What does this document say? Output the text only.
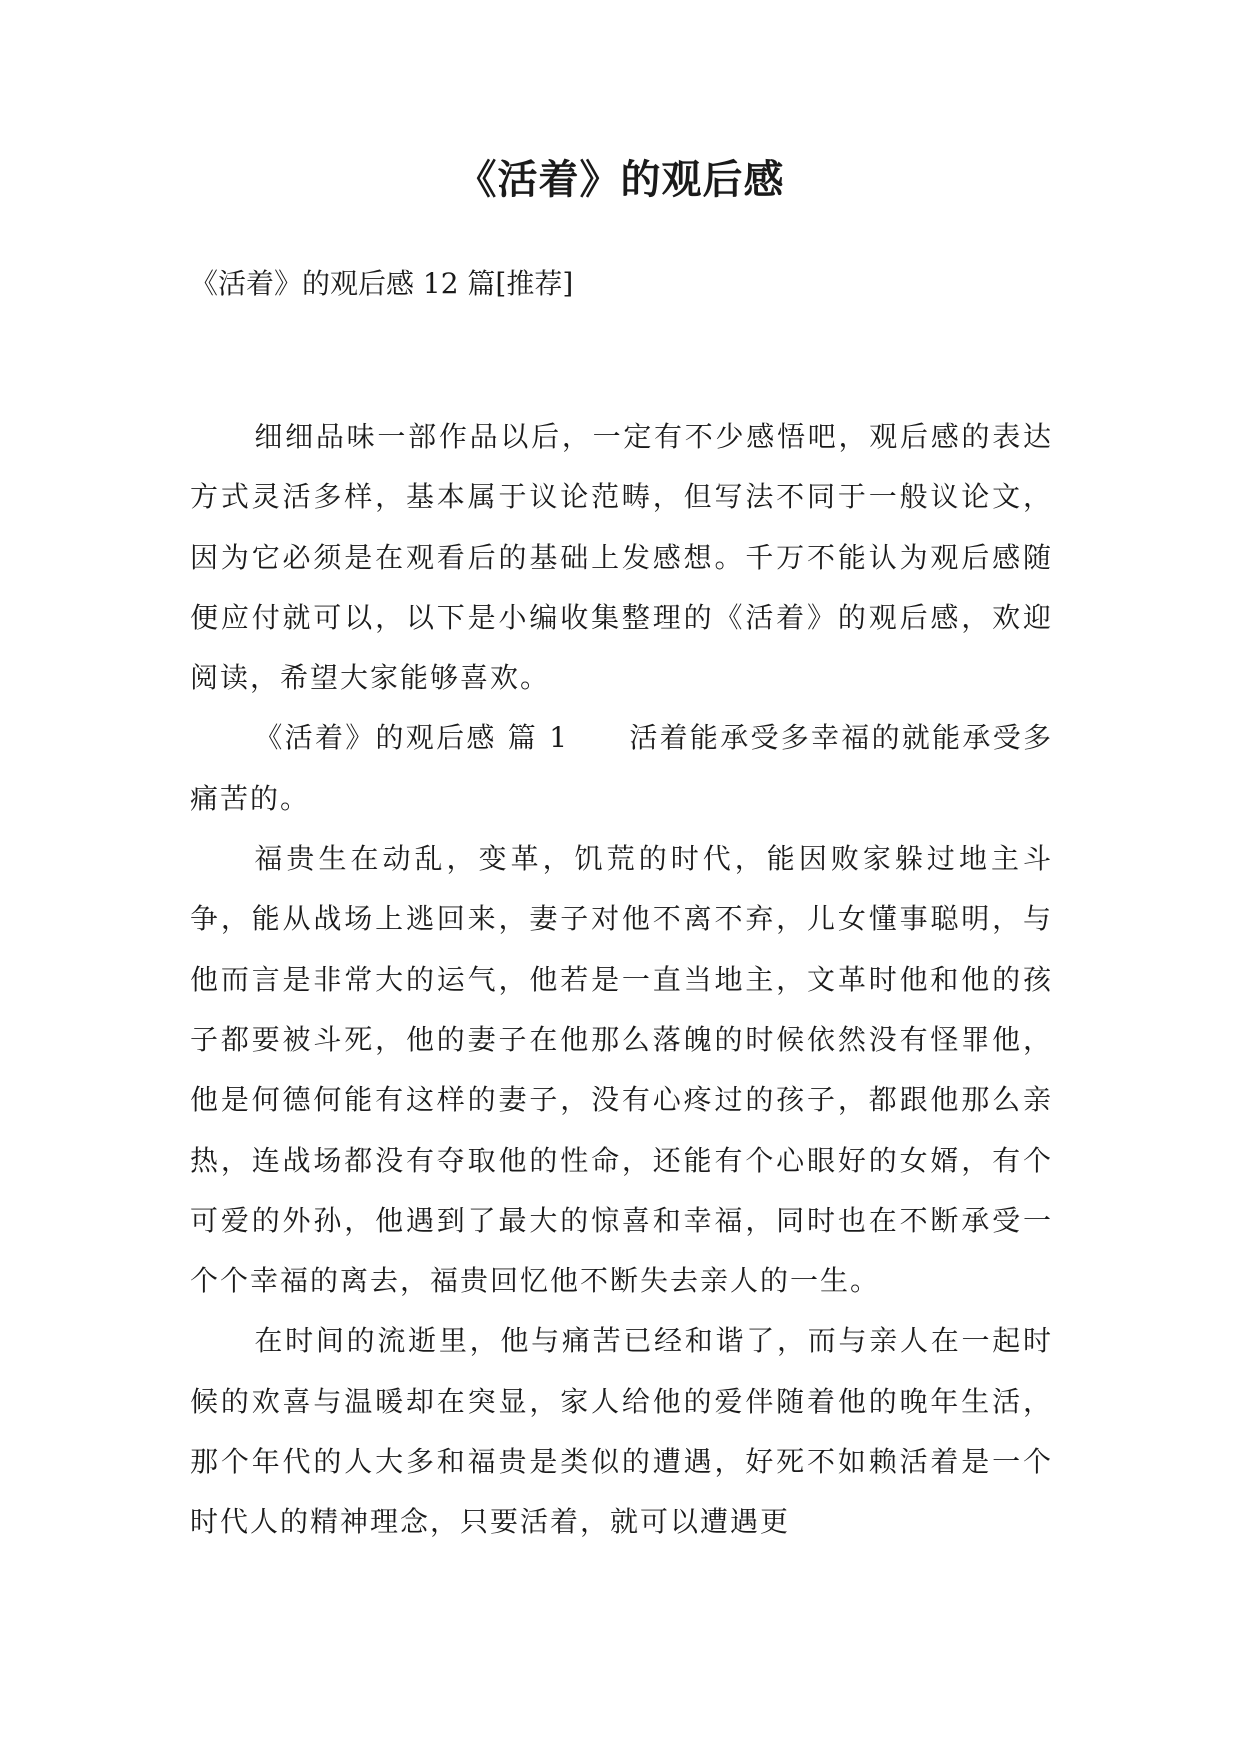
《活着》的观后感

《活着》的观后感 12 篇[推荐]

细细品味一部作品以后，一定有不少感悟吧，观后感的表达方式灵活多样，基本属于议论范畴，但写法不同于一般议论文，因为它必须是在观看后的基础上发感想。千万不能认为观后感随便应付就可以，以下是小编收集整理的《活着》的观后感，欢迎阅读，希望大家能够喜欢。

《活着》的观后感 篇 1 活着能承受多幸福的就能承受多痛苦的。

福贵生在动乱，变革，饥荒的时代，能因败家躲过地主斗争，能从战场上逃回来，妻子对他不离不弃，儿女懂事聪明，与他而言是非常大的运气，他若是一直当地主，文革时他和他的孩子都要被斗死，他的妻子在他那么落魄的时候依然没有怪罪他，他是何德何能有这样的妻子，没有心疼过的孩子，都跟他那么亲热，连战场都没有夺取他的性命，还能有个心眼好的女婿，有个可爱的外孙，他遇到了最大的惊喜和幸福，同时也在不断承受一个个幸福的离去，福贵回忆他不断失去亲人的一生。

在时间的流逝里，他与痛苦已经和谐了，而与亲人在一起时候的欢喜与温暖却在突显，家人给他的爱伴随着他的晚年生活，那个年代的人大多和福贵是类似的遭遇，好死不如赖活着是一个时代人的精神理念，只要活着，就可以遭遇更
